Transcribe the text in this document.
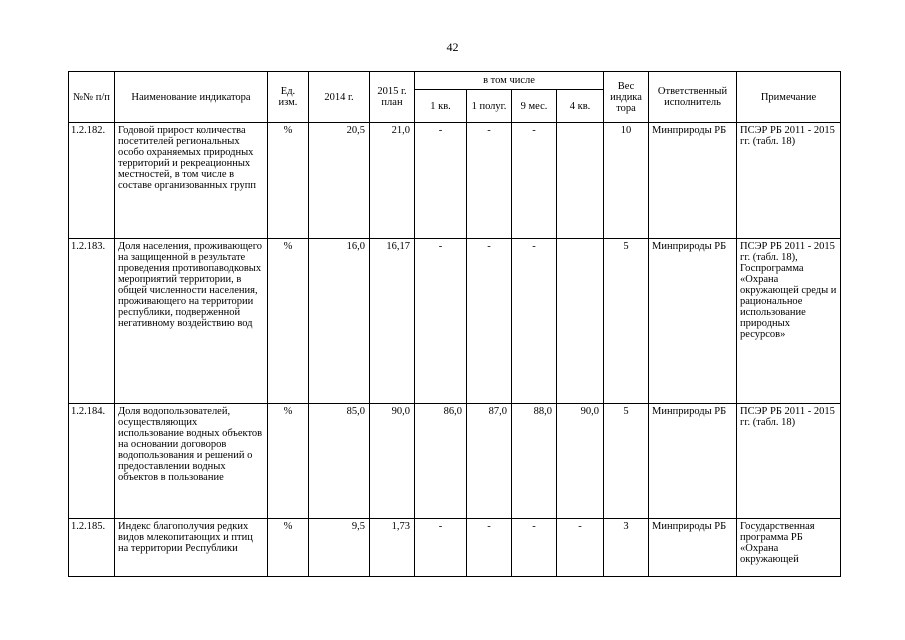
42
№№ п/п	Наименование индикатора	Ед. изм.	2014 г.	2015 г. план	в том числе				Вес индика тора	Ответственный исполнитель	Примечание
					1 кв.	1 полуг.	9 мес.	4 кв.			
1.2.182.	Годовой прирост количества посетителей региональных особо охраняемых природных территорий и рекреационных местностей, в том числе в составе организованных групп	%	20,5	21,0	-	-	-		10	Минприроды РБ	ПСЭР РБ 2011 - 2015 гг. (табл. 18)
1.2.183.	Доля населения, проживающего на защищенной в результате проведения противопаводковых мероприятий территории, в общей численности населения, проживающего на территории республики, подверженной негативному воздействию вод	%	16,0	16,17	-	-	-		5	Минприроды РБ	ПСЭР РБ 2011 - 2015 гг. (табл. 18), Госпрограмма «Охрана окружающей среды и рациональное использование природных ресурсов»
1.2.184.	Доля водопользователей, осуществляющих использование водных объектов на основании договоров водопользования и решений о предоставлении водных объектов в пользование	%	85,0	90,0	86,0	87,0	88,0	90,0	5	Минприроды РБ	ПСЭР РБ 2011 - 2015 гг. (табл. 18)
1.2.185.	Индекс благополучия редких видов млекопитающих и птиц на территории Республики	%	9,5	1,73	-	-	-	-	3	Минприроды РБ	Государственная программа РБ «Охрана окружающей
